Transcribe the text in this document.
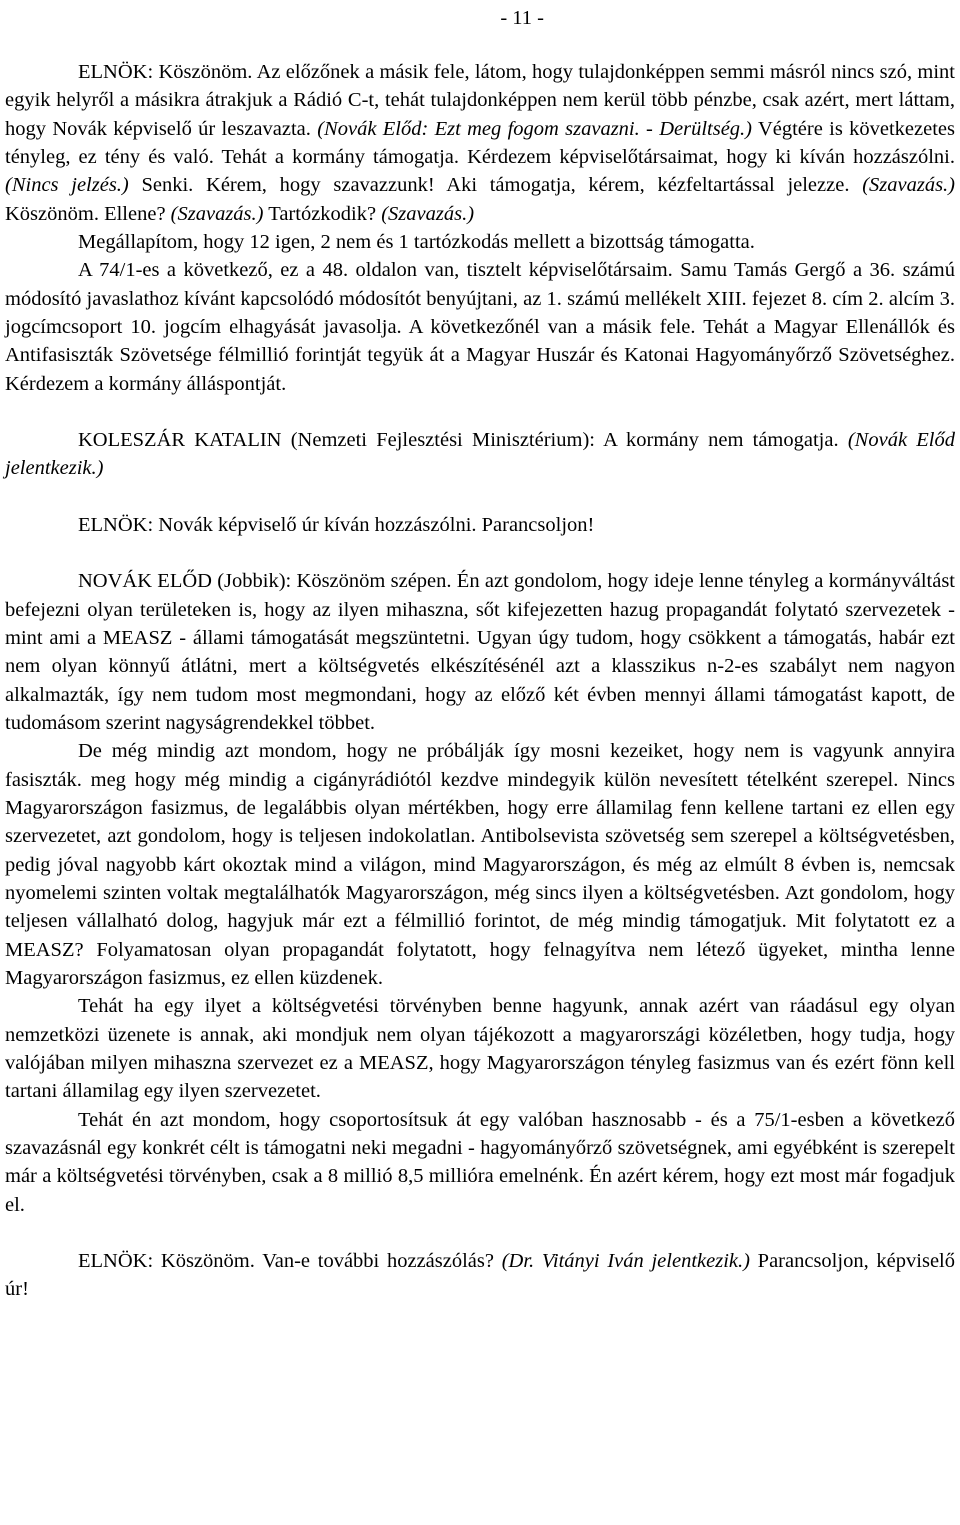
- 11 -

ELNÖK: Köszönöm. Az előzőnek a másik fele, látom, hogy tulajdonképpen semmi másról nincs szó, mint egyik helyről a másikra átrakjuk a Rádió C-t, tehát tulajdonképpen nem kerül több pénzbe, csak azért, mert láttam, hogy Novák képviselő úr leszavazta. (Novák Előd: Ezt meg fogom szavazni. - Derültség.) Végtére is következetes tényleg, ez tény és való. Tehát a kormány támogatja. Kérdezem képviselőtársaimat, hogy ki kíván hozzászólni. (Nincs jelzés.) Senki. Kérem, hogy szavazzunk! Aki támogatja, kérem, kézfeltartással jelezze. (Szavazás.) Köszönöm. Ellene? (Szavazás.) Tartózkodik? (Szavazás.)

Megállapítom, hogy 12 igen, 2 nem és 1 tartózkodás mellett a bizottság támogatta.

A 74/1-es a következő, ez a 48. oldalon van, tisztelt képviselőtársaim. Samu Tamás Gergő a 36. számú módosító javaslathoz kívánt kapcsolódó módosítót benyújtani, az 1. számú mellékelt XIII. fejezet 8. cím 2. alcím 3. jogcímcsoport 10. jogcím elhagyását javasolja. A következőnél van a másik fele. Tehát a Magyar Ellenállók és Antifasiszták Szövetsége félmillió forintját tegyük át a Magyar Huszár és Katonai Hagyományőrző Szövetséghez. Kérdezem a kormány álláspontját.

KOLESZÁR KATALIN (Nemzeti Fejlesztési Minisztérium): A kormány nem támogatja. (Novák Előd jelentkezik.)

ELNÖK: Novák képviselő úr kíván hozzászólni. Parancsoljon!

NOVÁK ELŐD (Jobbik): Köszönöm szépen. Én azt gondolom, hogy ideje lenne tényleg a kormányváltást befejezni olyan területeken is, hogy az ilyen mihaszna, sőt kifejezetten hazug propagandát folytató szervezetek - mint ami a MEASZ - állami támogatását megszüntetni. Ugyan úgy tudom, hogy csökkent a támogatás, habár ezt nem olyan könnyű átlátni, mert a költségvetés elkészítésénél azt a klasszikus n-2-es szabályt nem nagyon alkalmazták, így nem tudom most megmondani, hogy az előző két évben mennyi állami támogatást kapott, de tudomásom szerint nagyságrendekkel többet.

De még mindig azt mondom, hogy ne próbálják így mosni kezeiket, hogy nem is vagyunk annyira fasiszták. meg hogy még mindig a cigányrádiótól kezdve mindegyik külön nevesített tételként szerepel. Nincs Magyarországon fasizmus, de legalábbis olyan mértékben, hogy erre államilag fenn kellene tartani ez ellen egy szervezetet, azt gondolom, hogy is teljesen indokolatlan. Antibolsevista szövetség sem szerepel a költségvetésben, pedig jóval nagyobb kárt okoztak mind a világon, mind Magyarországon, és még az elmúlt 8 évben is, nemcsak nyomelemi szinten voltak megtalálhatók Magyarországon, még sincs ilyen a költségvetésben. Azt gondolom, hogy teljesen vállalható dolog, hagyjuk már ezt a félmillió forintot, de még mindig támogatjuk. Mit folytatott ez a MEASZ? Folyamatosan olyan propagandát folytatott, hogy felnagyítva nem létező ügyeket, mintha lenne Magyarországon fasizmus, ez ellen küzdenek.

Tehát ha egy ilyet a költségvetési törvényben benne hagyunk, annak azért van ráadásul egy olyan nemzetközi üzenete is annak, aki mondjuk nem olyan tájékozott a magyarországi közéletben, hogy tudja, hogy valójában milyen mihaszna szervezet ez a MEASZ, hogy Magyarországon tényleg fasizmus van és ezért fönn kell tartani államilag egy ilyen szervezetet.

Tehát én azt mondom, hogy csoportosítsuk át egy valóban hasznosabb - és a 75/1-esben a következő szavazásnál egy konkrét célt is támogatni neki megadni - hagyományőrző szövetségnek, ami egyébként is szerepelt már a költségvetési törvényben, csak a 8 millió 8,5 millióra emelnénk. Én azért kérem, hogy ezt most már fogadjuk el.

ELNÖK: Köszönöm. Van-e további hozzászólás? (Dr. Vitányi Iván jelentkezik.) Parancsoljon, képviselő úr!
